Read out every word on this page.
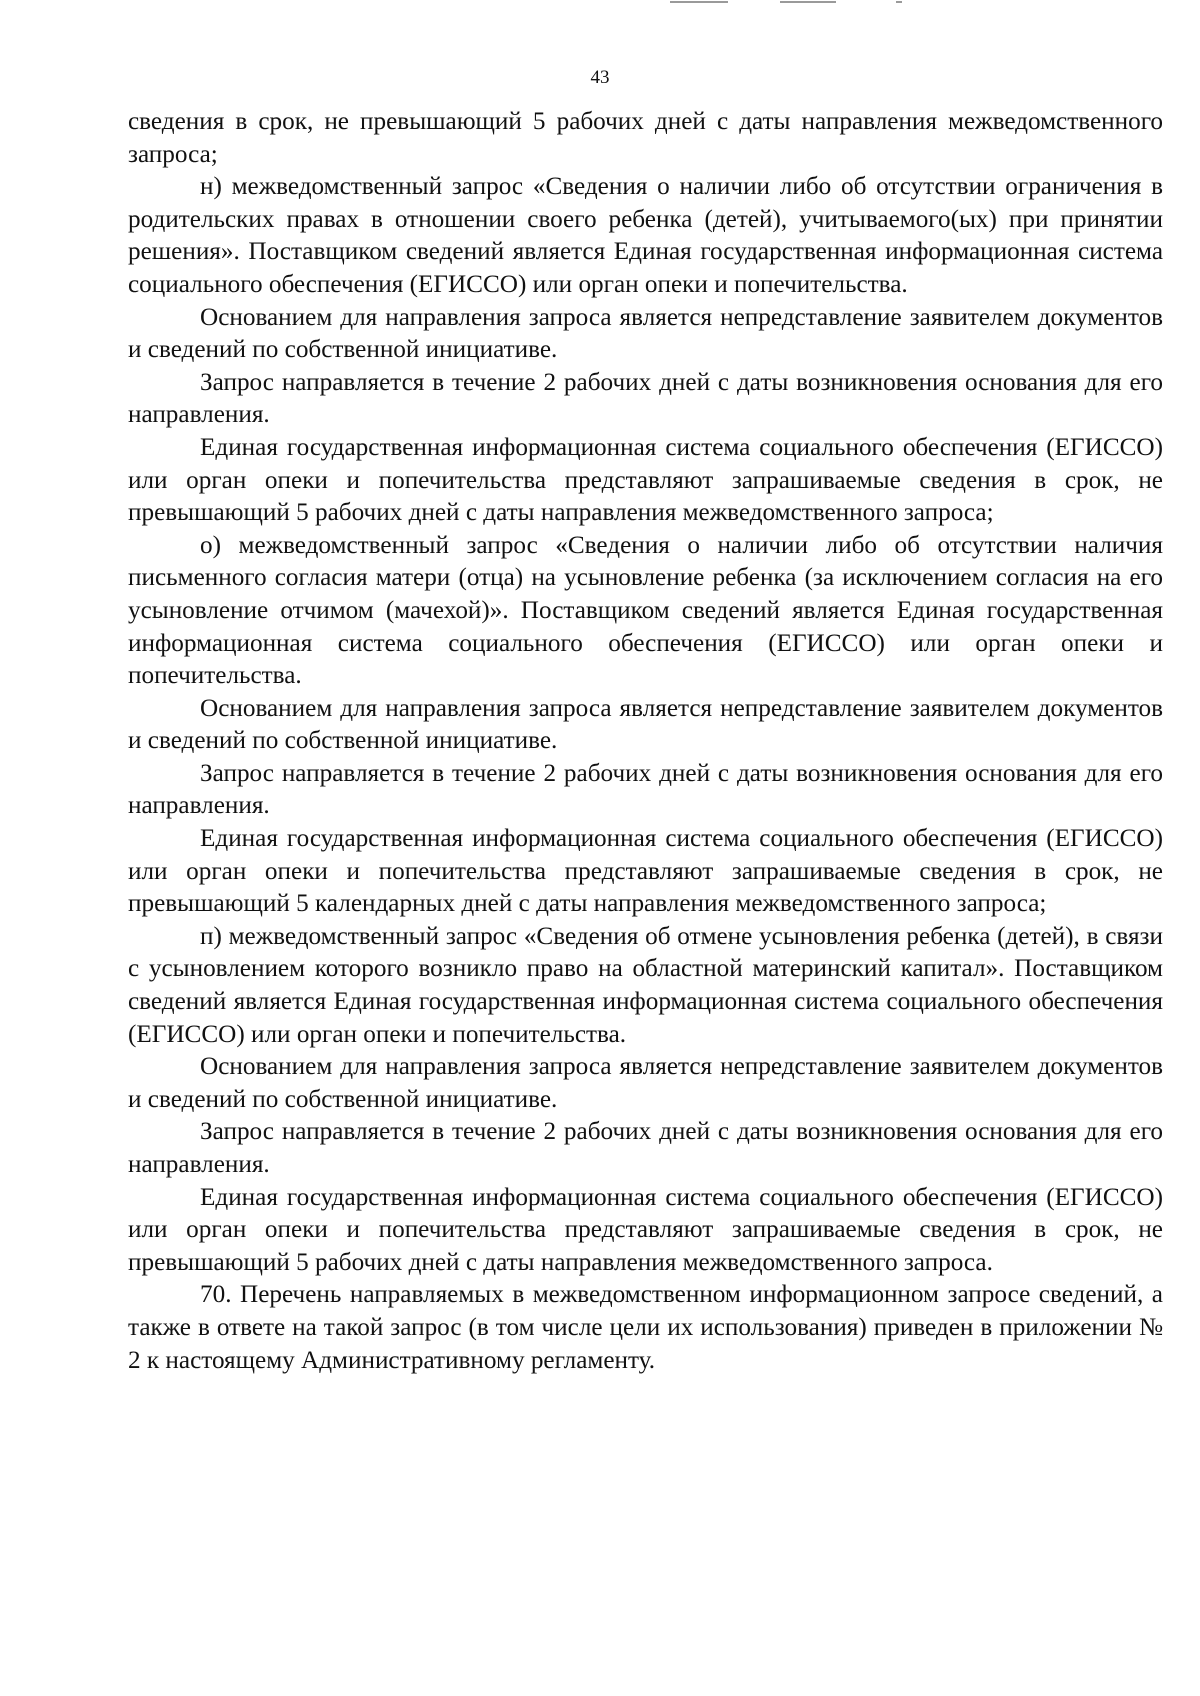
43

сведения в срок, не превышающий 5 рабочих дней с даты направления межведомственного запроса;

н) межведомственный запрос «Сведения о наличии либо об отсутствии ограничения в родительских правах в отношении своего ребенка (детей), учитываемого(ых) при принятии решения». Поставщиком сведений является Единая государственная информационная система социального обеспечения (ЕГИССО) или орган опеки и попечительства.

Основанием для направления запроса является непредставление заявителем документов и сведений по собственной инициативе.

Запрос направляется в течение 2 рабочих дней с даты возникновения основания для его направления.

Единая государственная информационная система социального обеспечения (ЕГИССО) или орган опеки и попечительства представляют запрашиваемые сведения в срок, не превышающий 5 рабочих дней с даты направления межведомственного запроса;

о) межведомственный запрос «Сведения о наличии либо об отсутствии наличия письменного согласия матери (отца) на усыновление ребенка (за исключением согласия на его усыновление отчимом (мачехой)». Поставщиком сведений является Единая государственная информационная система социального обеспечения (ЕГИССО) или орган опеки и попечительства.

Основанием для направления запроса является непредставление заявителем документов и сведений по собственной инициативе.

Запрос направляется в течение 2 рабочих дней с даты возникновения основания для его направления.

Единая государственная информационная система социального обеспечения (ЕГИССО) или орган опеки и попечительства представляют запрашиваемые сведения в срок, не превышающий 5 календарных дней с даты направления межведомственного запроса;

п) межведомственный запрос «Сведения об отмене усыновления ребенка (детей), в связи с усыновлением которого возникло право на областной материнский капитал». Поставщиком сведений является Единая государственная информационная система социального обеспечения (ЕГИССО) или орган опеки и попечительства.

Основанием для направления запроса является непредставление заявителем документов и сведений по собственной инициативе.

Запрос направляется в течение 2 рабочих дней с даты возникновения основания для его направления.

Единая государственная информационная система социального обеспечения (ЕГИССО) или орган опеки и попечительства представляют запрашиваемые сведения в срок, не превышающий 5 рабочих дней с даты направления межведомственного запроса.

70. Перечень направляемых в межведомственном информационном запросе сведений, а также в ответе на такой запрос (в том числе цели их использования) приведен в приложении № 2 к настоящему Административному регламенту.
